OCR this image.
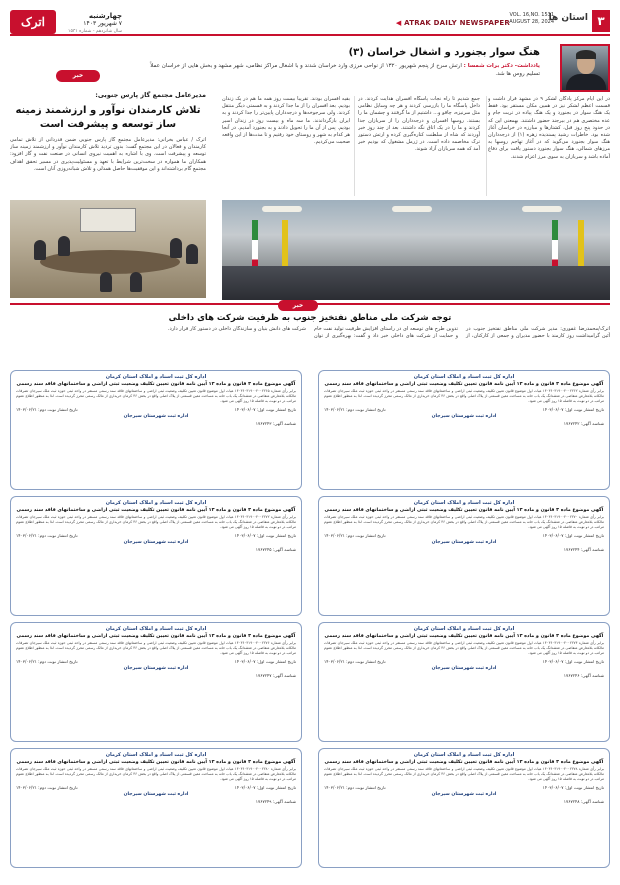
اترک	چهارشنبه
۷ شهریور ۱۴۰۳
سال شانزدهم - شماره ۱۵۳۱
◀ ATRAK DAILY NEWSPAPER
VOL. 16,NO. 1531
AUGUST 28, 2024
استان ها ۳
هنگ سوار بجنورد و اشغال خراسان (۳)
یادداشت- دکتر برات شمسا : ارتش سرخ از پنجم شهریور ۱۳۲۰ از نواحی مرزی وارد خراسان شدند و با اشغال مراکز نظامی، شهر مشهد و بخش هایی از خراسان عملاً تسلیم روس ها شد.
در این ایام مرکز پادگان لشکر ۹ در مشهد قرار داشت و قسمت اعظم لشکر نیز در همین مکان مستقر بود. فقط یک هنگ سوار در بجنورد و یک هنگ پیاده در تربت جام و عده مختصری هم در بیرجند حضور داشتند. بهمعنی این که در حدود پنج روز قبل، کشتارها و مبارزه در خراسان آغاز شده بود. خاطرات رشید پسندیده زهره (۱) از درجه‌داران هنگ سوار بجنورد می‌گوید که در آغاز تهاجم روسها به مرزهای شمالی، هنگ سوار بجنورد دستور یافت برای دفاع آماده باشد و سربازان به سوی مرز اعزام شدند.
جمع شدیم تا راه نجات پاسگاه افسران هدایت کردند. در داخل پاسگاه ما را بازرسی کردند و هر چه وسایل نظامی مثل سرنیزه، چاقو و... داشتیم از ما گرفتند و چشمان ما را بستند. روسها افسران و درجه‌داران را از سربازان جدا کردند و ما را در یک اتاق نگه داشتند. بعد از چند روز خبر آوردند که شاه از سلطنت کناره‌گیری کرده و ارتش دستور ترک مخاصمه داده است. در ژرمل مشغول که بودیم خبر آمد که همه سربازان آزاد شوند.
بقیه افسران بودند. تقریباً بیست روز همه ما هم در یک زندان بودیم. بعد افسران را از ما جدا کردند و به قسمتی دیگر منتقل کردند. ولی سرجوخه‌ها و درجه‌داران پایین‌تر را جدا کردند و به ایران بازگرداندند. ما سه ماه و بیست روز در زندان اسیر بودیم. پس از آن ما را تحویل دادند و به بجنورد آمدیم. در آنجا هر کدام به شهر و روستای خود رفتیم و تا مدت‌ها از این واقعه صحبت می‌کردیم.
خبر
مدیرعامل مجتمع گاز پارس جنوبی:
تلاش کارمندان نوآور و ارزشمند زمینه ساز توسعه و پیشرفت است
اترک / عباس بخرانی: مدیرعامل مجتمع گاز پارس جنوبی ضمن قدردانی از تلاش تمامی کارمندان و فعالان در این مجتمع گفت: بدون تردید تلاش کارمندان نوآور و ارزشمند زمینه ساز توسعه و پیشرفت است. وی با اشاره به اهمیت نیروی انسانی در صنعت نفت و گاز افزود: همکاران ما همواره در سخت‌ترین شرایط با تعهد و مسئولیت‌پذیری در مسیر تحقق اهداف مجتمع گام برداشته‌اند و این موفقیت‌ها حاصل همدلی و تلاش شبانه‌روزی آنان است.
خبر
توجه شرکت ملی مناطق نفتخیز جنوب به ظرفیت شرکت های داخلی
اترک/محمدرضا غفوری: مدیر شرکت ملی مناطق نفتخیز جنوب در آئین گرامیداشت روز کارمند با حضور مدیران و جمعی از کارکنان، از تدوین طرح های توسعه ای در راستای افزایش ظرفیت تولید نفت خام و حمایت از شرکت های داخلی خبر داد و گفت: بهره‌گیری از توان شرکت های دانش بنیان و سازندگان داخلی در دستور کار قرار دارد.
اداره کل ثبت اسناد و املاک استان کرمان
آگهی موضوع ماده ۳ قانون و ماده ۱۳ آیین نامه قانون تعیین تکلیف وضعیت ثبتی اراضی و ساختمانهای فاقد سند رسمی
برابر رأی شماره ۱۴۰۳۶۰۳۱۹۰۰۴۰۰۲۲۶۲ هیات اول موضوع قانون تعیین تکلیف وضعیت ثبتی اراضی و ساختمانهای فاقد سند رسمی مستقر در واحد ثبتی حوزه ثبت ملک سیرجان تصرفات مالکانه بلامعارض متقاضی در ششدانگ یک باب خانه به مساحت معین قسمتی از پلاک اصلی واقع در بخش ۳۶ کرمان خریداری از مالک رسمی محرز گردیده است. لذا به منظور اطلاع عموم مراتب در دو نوبت به فاصله ۱۵ روز آگهی می شود.
تاریخ انتشار نوبت اول: ۱۴۰۳/۰۶/۰۷
تاریخ انتشار نوبت دوم: ۱۴۰۳/۰۶/۲۱
اداره ثبت شهرستان سیرجان
شناسه آگهی: ۱۷۶۷۲۴۲
اداره کل ثبت اسناد و املاک استان کرمان
آگهی موضوع ماده ۳ قانون و ماده ۱۳ آیین نامه قانون تعیین تکلیف وضعیت ثبتی اراضی و ساختمانهای فاقد سند رسمی
برابر رأی شماره ۱۴۰۳۶۰۳۱۹۰۰۴۰۰۲۲۶۵ هیات اول موضوع قانون تعیین تکلیف وضعیت ثبتی اراضی و ساختمانهای فاقد سند رسمی مستقر در واحد ثبتی حوزه ثبت ملک سیرجان تصرفات مالکانه بلامعارض متقاضی در ششدانگ یک باب خانه به مساحت معین قسمتی از پلاک اصلی واقع در بخش ۳۶ کرمان خریداری از مالک رسمی محرز گردیده است. لذا به منظور اطلاع عموم مراتب در دو نوبت به فاصله ۱۵ روز آگهی می شود.
تاریخ انتشار نوبت اول: ۱۴۰۳/۰۶/۰۷
تاریخ انتشار نوبت دوم: ۱۴۰۳/۰۶/۲۱
اداره ثبت شهرستان سیرجان
شناسه آگهی: ۱۷۶۷۲۴۳
اداره کل ثبت اسناد و املاک استان کرمان
آگهی موضوع ماده ۳ قانون و ماده ۱۳ آیین نامه قانون تعیین تکلیف وضعیت ثبتی اراضی و ساختمانهای فاقد سند رسمی
برابر رأی شماره ۱۴۰۳۶۰۳۱۹۰۰۴۰۰۲۲۷۰ هیات اول موضوع قانون تعیین تکلیف وضعیت ثبتی اراضی و ساختمانهای فاقد سند رسمی مستقر در واحد ثبتی حوزه ثبت ملک سیرجان تصرفات مالکانه بلامعارض متقاضی در ششدانگ یک باب خانه به مساحت معین قسمتی از پلاک اصلی واقع در بخش ۳۶ کرمان خریداری از مالک رسمی محرز گردیده است. لذا به منظور اطلاع عموم مراتب در دو نوبت به فاصله ۱۵ روز آگهی می شود.
تاریخ انتشار نوبت اول: ۱۴۰۳/۰۶/۰۷
تاریخ انتشار نوبت دوم: ۱۴۰۳/۰۶/۲۱
اداره ثبت شهرستان سیرجان
شناسه آگهی: ۱۷۶۷۲۴۴
اداره کل ثبت اسناد و املاک استان کرمان
آگهی موضوع ماده ۳ قانون و ماده ۱۳ آیین نامه قانون تعیین تکلیف وضعیت ثبتی اراضی و ساختمانهای فاقد سند رسمی
برابر رأی شماره ۱۴۰۳۶۰۳۱۹۰۰۴۰۰۲۲۷۲ هیات اول موضوع قانون تعیین تکلیف وضعیت ثبتی اراضی و ساختمانهای فاقد سند رسمی مستقر در واحد ثبتی حوزه ثبت ملک سیرجان تصرفات مالکانه بلامعارض متقاضی در ششدانگ یک باب خانه به مساحت معین قسمتی از پلاک اصلی واقع در بخش ۳۶ کرمان خریداری از مالک رسمی محرز گردیده است. لذا به منظور اطلاع عموم مراتب در دو نوبت به فاصله ۱۵ روز آگهی می شود.
تاریخ انتشار نوبت اول: ۱۴۰۳/۰۶/۰۷
تاریخ انتشار نوبت دوم: ۱۴۰۳/۰۶/۲۱
اداره ثبت شهرستان سیرجان
شناسه آگهی: ۱۷۶۷۲۴۵
اداره کل ثبت اسناد و املاک استان کرمان
آگهی موضوع ماده ۳ قانون و ماده ۱۳ آیین نامه قانون تعیین تکلیف وضعیت ثبتی اراضی و ساختمانهای فاقد سند رسمی
برابر رأی شماره ۱۴۰۳۶۰۳۱۹۰۰۴۰۰۲۲۷۴ هیات اول موضوع قانون تعیین تکلیف وضعیت ثبتی اراضی و ساختمانهای فاقد سند رسمی مستقر در واحد ثبتی حوزه ثبت ملک سیرجان تصرفات مالکانه بلامعارض متقاضی در ششدانگ یک باب خانه به مساحت معین قسمتی از پلاک اصلی واقع در بخش ۳۶ کرمان خریداری از مالک رسمی محرز گردیده است. لذا به منظور اطلاع عموم مراتب در دو نوبت به فاصله ۱۵ روز آگهی می شود.
تاریخ انتشار نوبت اول: ۱۴۰۳/۰۶/۰۷
تاریخ انتشار نوبت دوم: ۱۴۰۳/۰۶/۲۱
اداره ثبت شهرستان سیرجان
شناسه آگهی: ۱۷۶۷۲۴۶
اداره کل ثبت اسناد و املاک استان کرمان
آگهی موضوع ماده ۳ قانون و ماده ۱۳ آیین نامه قانون تعیین تکلیف وضعیت ثبتی اراضی و ساختمانهای فاقد سند رسمی
برابر رأی شماره ۱۴۰۳۶۰۳۱۹۰۰۴۰۰۲۲۷۶ هیات اول موضوع قانون تعیین تکلیف وضعیت ثبتی اراضی و ساختمانهای فاقد سند رسمی مستقر در واحد ثبتی حوزه ثبت ملک سیرجان تصرفات مالکانه بلامعارض متقاضی در ششدانگ یک باب خانه به مساحت معین قسمتی از پلاک اصلی واقع در بخش ۳۶ کرمان خریداری از مالک رسمی محرز گردیده است. لذا به منظور اطلاع عموم مراتب در دو نوبت به فاصله ۱۵ روز آگهی می شود.
تاریخ انتشار نوبت اول: ۱۴۰۳/۰۶/۰۷
تاریخ انتشار نوبت دوم: ۱۴۰۳/۰۶/۲۱
اداره ثبت شهرستان سیرجان
شناسه آگهی: ۱۷۶۷۲۴۷
اداره کل ثبت اسناد و املاک استان کرمان
آگهی موضوع ماده ۳ قانون و ماده ۱۳ آیین نامه قانون تعیین تکلیف وضعیت ثبتی اراضی و ساختمانهای فاقد سند رسمی
برابر رأی شماره ۱۴۰۳۶۰۳۱۹۰۰۴۰۰۲۲۷۸ هیات اول موضوع قانون تعیین تکلیف وضعیت ثبتی اراضی و ساختمانهای فاقد سند رسمی مستقر در واحد ثبتی حوزه ثبت ملک سیرجان تصرفات مالکانه بلامعارض متقاضی در ششدانگ یک باب خانه به مساحت معین قسمتی از پلاک اصلی واقع در بخش ۳۶ کرمان خریداری از مالک رسمی محرز گردیده است. لذا به منظور اطلاع عموم مراتب در دو نوبت به فاصله ۱۵ روز آگهی می شود.
تاریخ انتشار نوبت اول: ۱۴۰۳/۰۶/۰۷
تاریخ انتشار نوبت دوم: ۱۴۰۳/۰۶/۲۱
اداره ثبت شهرستان سیرجان
شناسه آگهی: ۱۷۶۷۲۴۸
اداره کل ثبت اسناد و املاک استان کرمان
آگهی موضوع ماده ۳ قانون و ماده ۱۳ آیین نامه قانون تعیین تکلیف وضعیت ثبتی اراضی و ساختمانهای فاقد سند رسمی
برابر رأی شماره ۱۴۰۳۶۰۳۱۹۰۰۴۰۰۲۲۸۰ هیات اول موضوع قانون تعیین تکلیف وضعیت ثبتی اراضی و ساختمانهای فاقد سند رسمی مستقر در واحد ثبتی حوزه ثبت ملک سیرجان تصرفات مالکانه بلامعارض متقاضی در ششدانگ یک باب خانه به مساحت معین قسمتی از پلاک اصلی واقع در بخش ۳۶ کرمان خریداری از مالک رسمی محرز گردیده است. لذا به منظور اطلاع عموم مراتب در دو نوبت به فاصله ۱۵ روز آگهی می شود.
تاریخ انتشار نوبت اول: ۱۴۰۳/۰۶/۰۷
تاریخ انتشار نوبت دوم: ۱۴۰۳/۰۶/۲۱
اداره ثبت شهرستان سیرجان
شناسه آگهی: ۱۷۶۷۲۴۹
